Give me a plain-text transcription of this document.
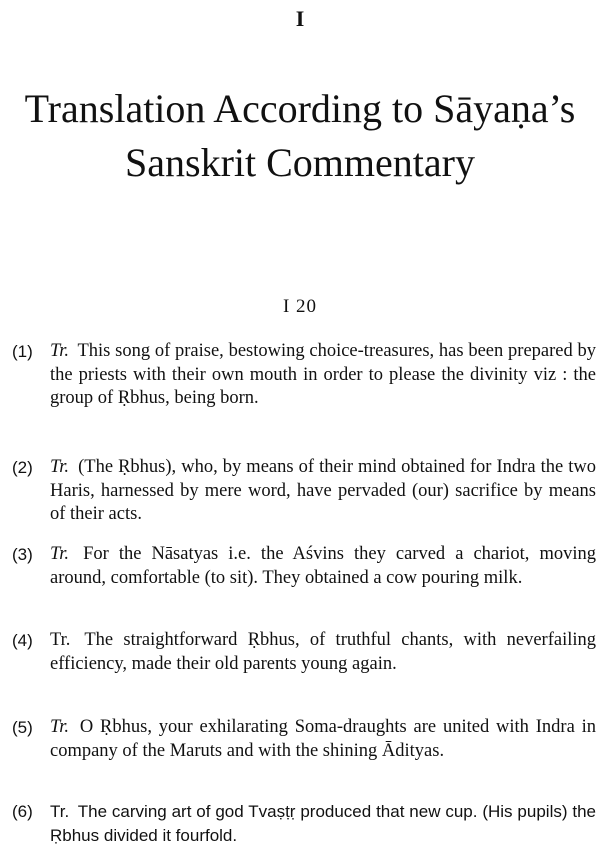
I
Translation According to Sāyaṇa’s
Sanskrit Commentary
I 20
(1) Tr. This song of praise, bestowing choice-treasures, has been prepared by the priests with their own mouth in order to please the divinity viz : the group of Ṛbhus, being born.
(2) Tr. (The Ṛbhus), who, by means of their mind obtained for Indra the two Haris, harnessed by mere word, have pervaded (our) sacrifice by means of their acts.
(3) Tr. For the Nāsatyas i.e. the Aśvins they carved a chariot, moving around, comfortable (to sit). They obtained a cow pouring milk.
(4) Tr. The straightforward Ṛbhus, of truthful chants, with neverfailing efficiency, made their old parents young again.
(5) Tr. O Ṛbhus, your exhilarating Soma-draughts are united with Indra in company of the Maruts and with the shining Ādityas.
(6)	Tr. The carving art of god Tvaṣṭṛ produced that new cup. (His pupils) the Ṛbhus divided it fourfold.
